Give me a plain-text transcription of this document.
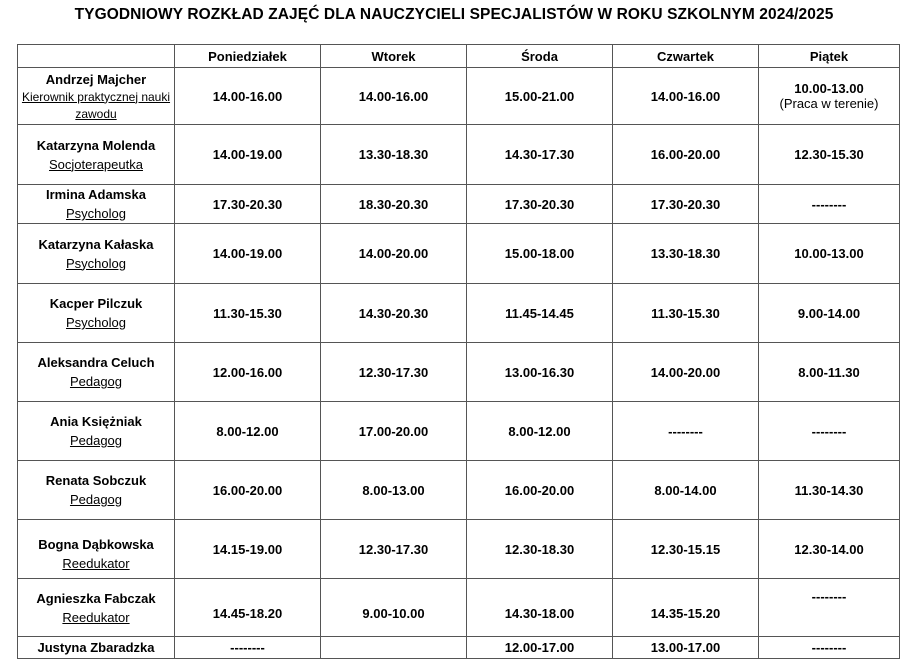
TYGODNIOWY ROZKŁAD ZAJĘĆ DLA NAUCZYCIELI SPECJALISTÓW W ROKU SZKOLNYM 2024/2025
	Poniedziałek	Wtorek	Środa	Czwartek	Piątek

Andrzej Majcher
Kierownik praktycznej nauki zawodu	14.00-16.00	14.00-16.00	15.00-21.00	14.00-16.00	10.00-13.00
(Praca w terenie)

Katarzyna Molenda
Socjoterapeutka	14.00-19.00	13.30-18.30	14.30-17.30	16.00-20.00	12.30-15.30

Irmina Adamska
Psycholog	17.30-20.30	18.30-20.30	17.30-20.30	17.30-20.30	--------

Katarzyna Kałaska
Psycholog	14.00-19.00	14.00-20.00	15.00-18.00	13.30-18.30	10.00-13.00

Kacper Pilczuk
Psycholog	11.30-15.30	14.30-20.30	11.45-14.45	11.30-15.30	9.00-14.00

Aleksandra Celuch
Pedagog	12.00-16.00	12.30-17.30	13.00-16.30	14.00-20.00	8.00-11.30

Ania Księżniak
Pedagog	8.00-12.00	17.00-20.00	8.00-12.00	--------	--------

Renata Sobczuk
Pedagog	16.00-20.00	8.00-13.00	16.00-20.00	8.00-14.00	11.30-14.30

Bogna Dąbkowska
Reedukator	14.15-19.00	12.30-17.30	12.30-18.30	12.30-15.15	12.30-14.00

Agnieszka Fabczak
Reedukator	14.45-18.20	9.00-10.00	14.30-18.00	14.35-15.20	--------

Justyna Zbaradzka	--------		12.00-17.00	13.00-17.00	--------
